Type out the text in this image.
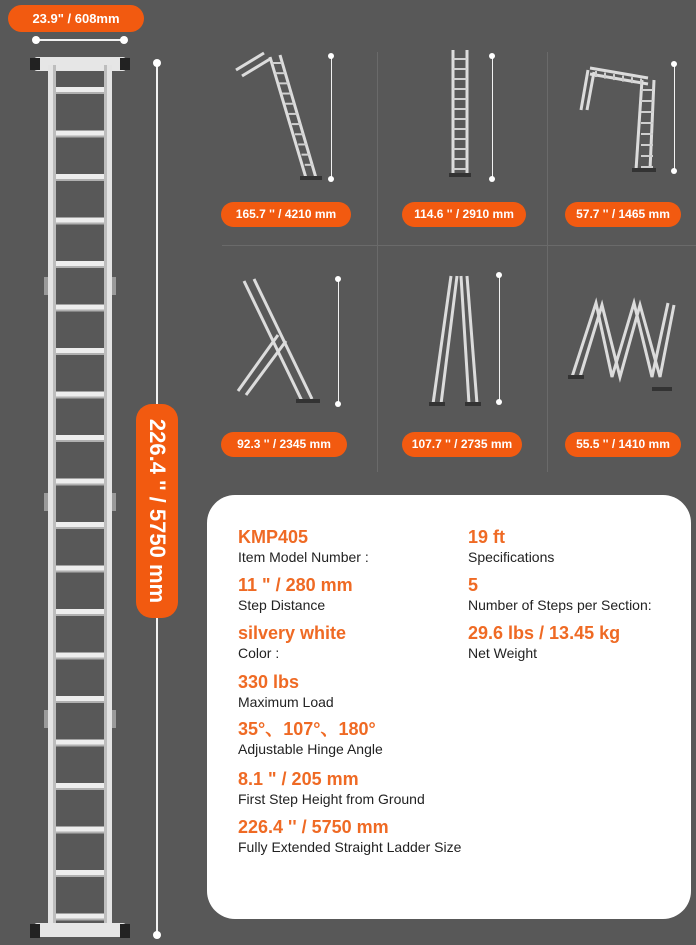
23.9" / 608mm
226.4 '' / 5750 mm
165.7 '' / 4210 mm	114.6 '' / 2910 mm	57.7 '' / 1465 mm
92.3 '' / 2345 mm	107.7 '' / 2735 mm	55.5 '' / 1410 mm
KMP405
Item Model Number :
19 ft
Specifications
11 " / 280 mm
Step Distance
5
Number of Steps per Section:
silvery white
Color :
29.6 lbs / 13.45 kg
Net Weight
330 lbs
Maximum Load
35°、107°、180°
Adjustable Hinge Angle
8.1 " / 205 mm
First Step Height from Ground
226.4 '' / 5750 mm
Fully Extended Straight Ladder Size
